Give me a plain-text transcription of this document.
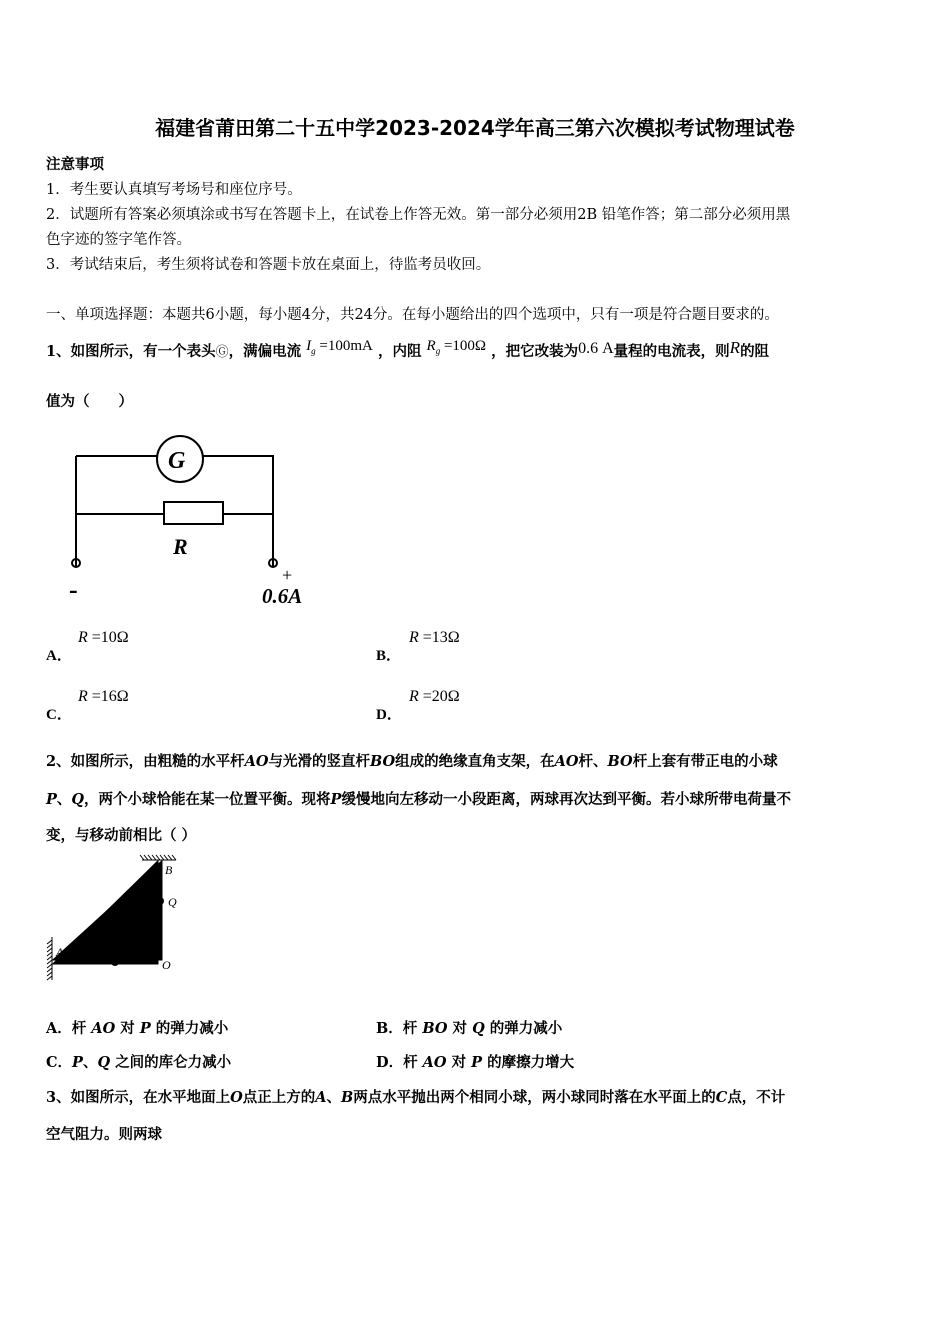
福建省莆田第二十五中学2023-2024学年高三第六次模拟考试物理试卷
注意事项
1．考生要认真填写考场号和座位序号。
2．试题所有答案必须填涂或书写在答题卡上，在试卷上作答无效。第一部分必须用2B 铅笔作答；第二部分必须用黑
色字迹的签字笔作答。
3．考试结束后，考生须将试卷和答题卡放在桌面上，待监考员收回。
一、单项选择题：本题共6小题，每小题4分，共24分。在每小题给出的四个选项中，只有一项是符合题目要求的。
1、如图所示，有一个表头Ⓖ，满偏电流 $I_g =100mA$ ，内阻 $R_g =100\Omega$ ，把它改装为0.6 A量程的电流表，则R的阻
值为（　　）
G
R
-	+
0.6A
A．
R =10Ω
B．
R =13Ω
C．
R =16Ω
D．
R =20Ω
2、如图所示，由粗糙的水平杆AO与光滑的竖直杆BO组成的绝缘直角支架，在AO杆、BO杆上套有带正电的小球
P、Q，两个小球恰能在某一位置平衡。现将P缓慢地向左移动一小段距离，两球再次达到平衡。若小球所带电荷量不
变，与移动前相比（ ）
B
Q
A	P
O
A．杆 AO 对 P 的弹力减小	B．杆 BO 对 Q 的弹力减小
C．P、Q 之间的库仑力减小	D．杆 AO 对 P 的摩擦力增大
3、如图所示，在水平地面上O点正上方的A、B两点水平抛出两个相同小球，两小球同时落在水平面上的C点，不计
空气阻力。则两球
